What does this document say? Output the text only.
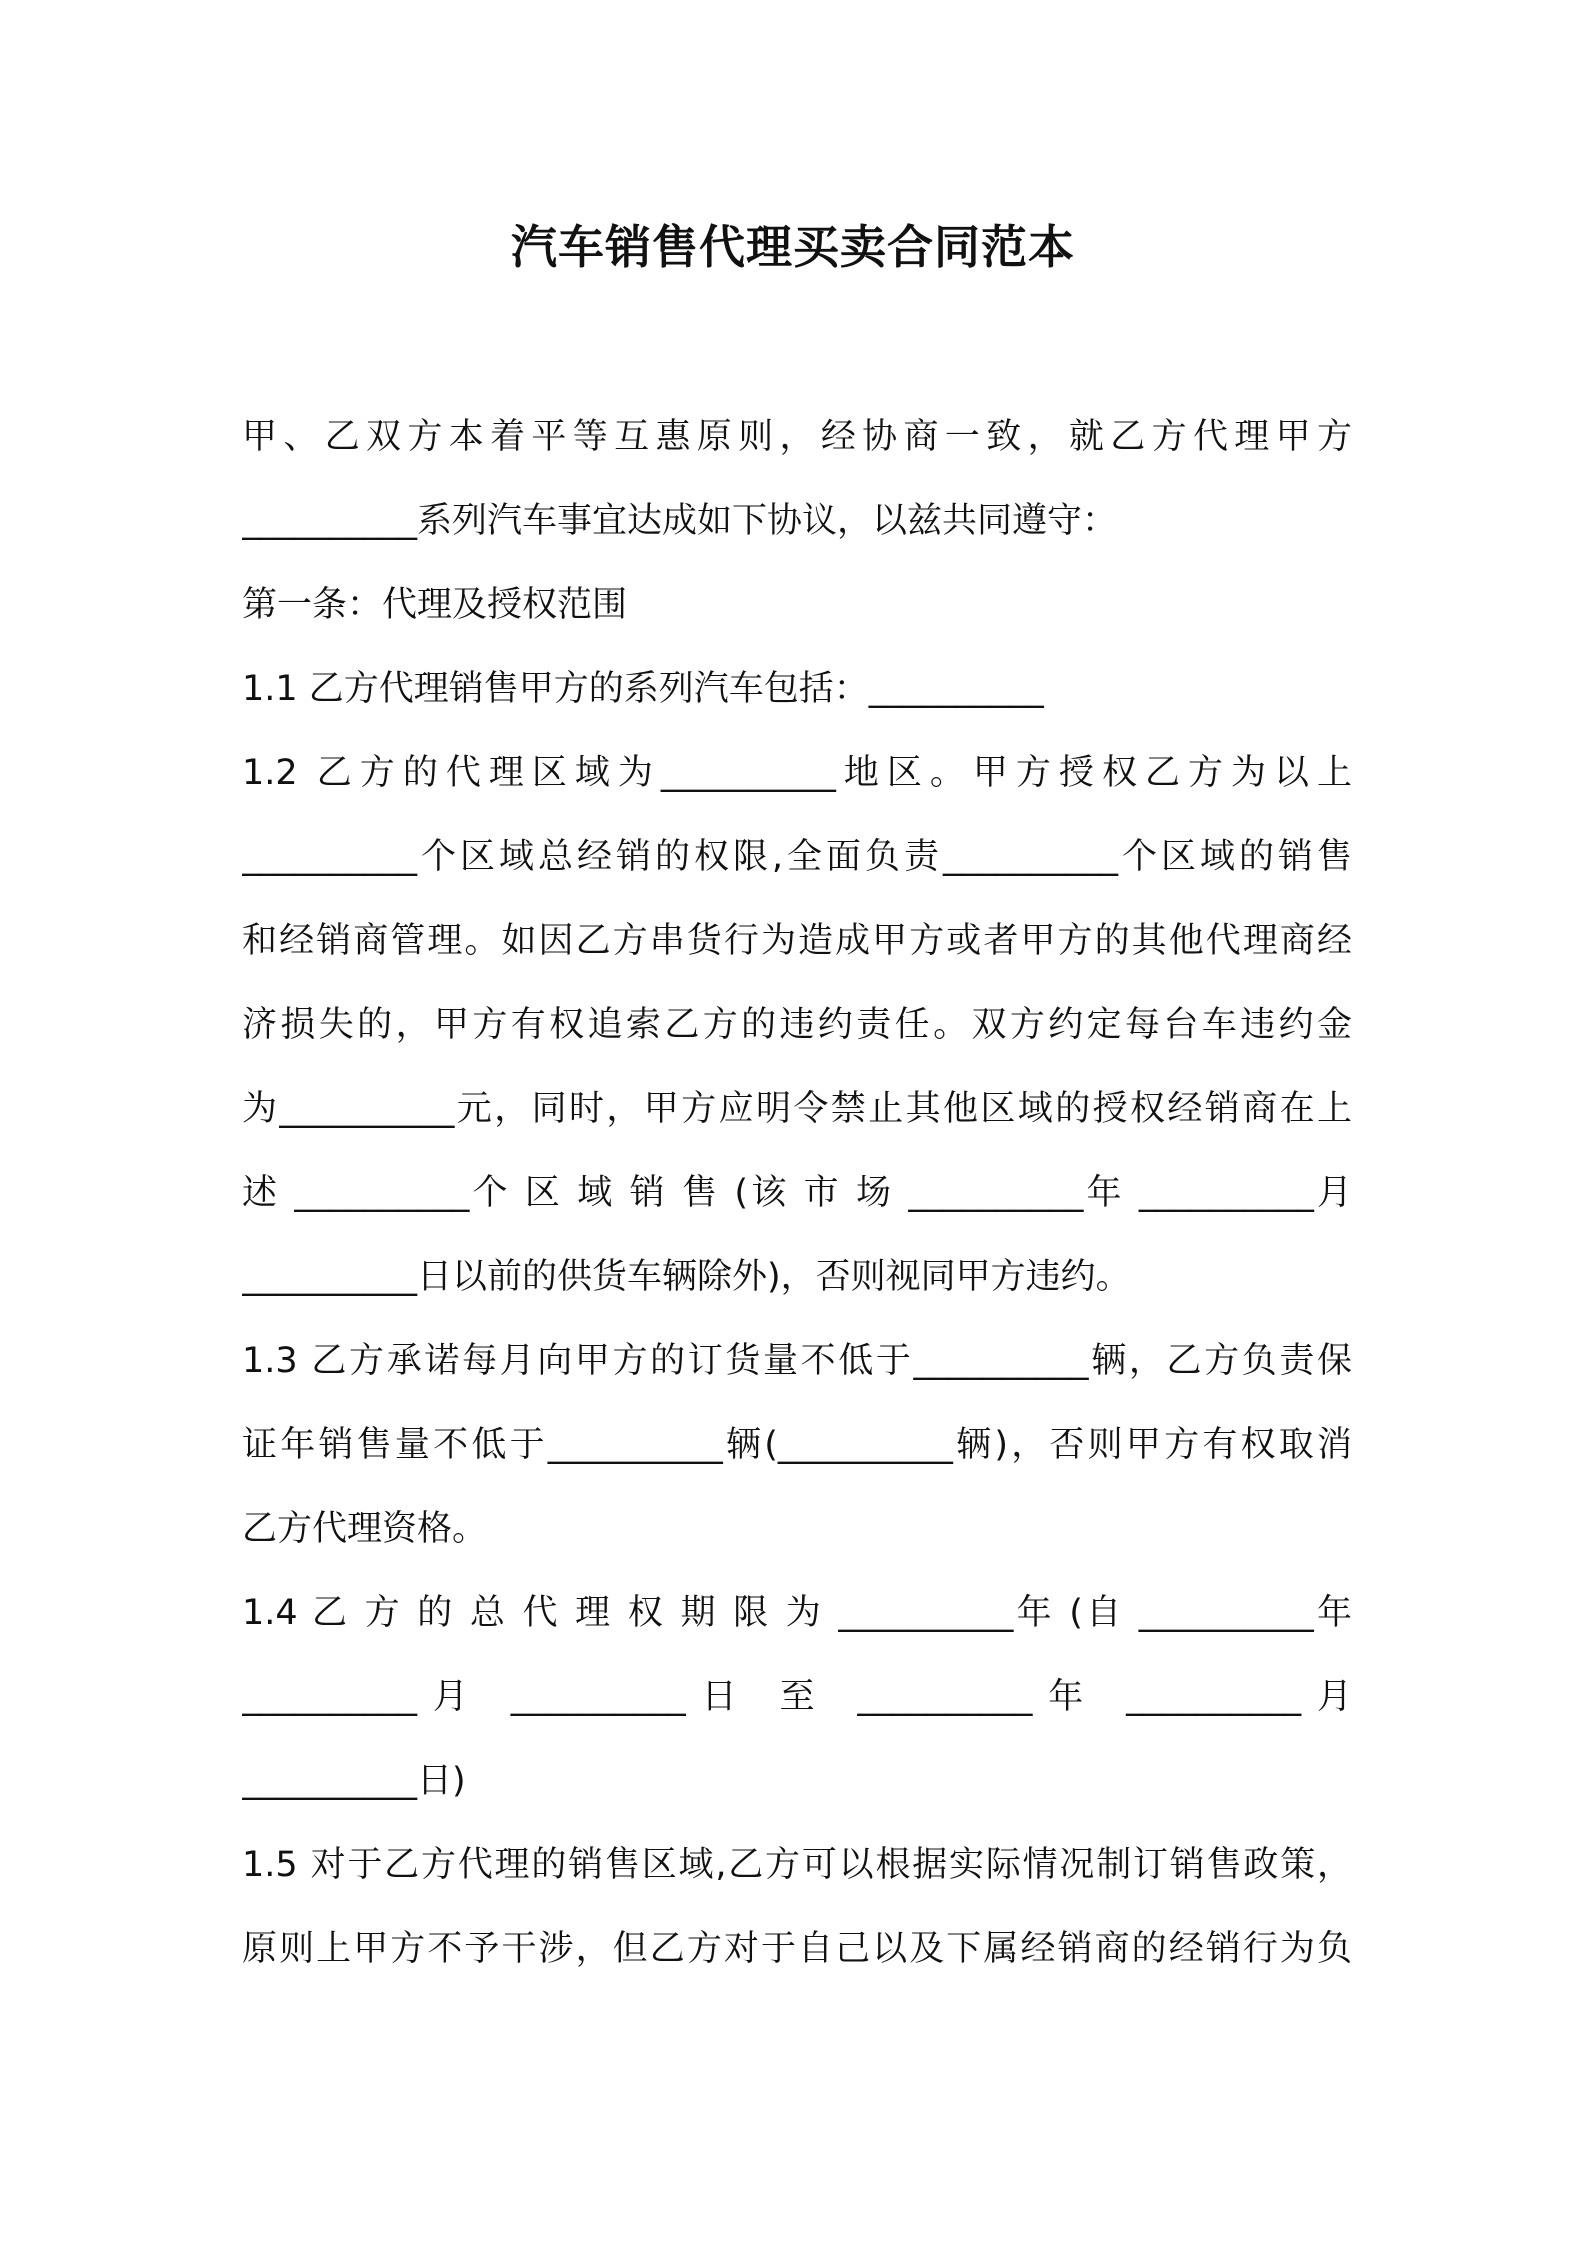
汽车销售代理买卖合同范本
甲、乙双方本着平等互惠原则，经协商一致，就乙方代理甲方
__________系列汽车事宜达成如下协议，以兹共同遵守：
第一条：代理及授权范围
1.1 乙方代理销售甲方的系列汽车包括：__________
1.2 乙方的代理区域为__________地区。甲方授权乙方为以上
__________个区域总经销的权限,全面负责__________个区域的销售
和经销商管理。如因乙方串货行为造成甲方或者甲方的其他代理商经
济损失的，甲方有权追索乙方的违约责任。双方约定每台车违约金
为__________元，同时，甲方应明令禁止其他区域的授权经销商在上
述 __________个 区 域 销 售 (该 市 场 __________年 __________月
__________日以前的供货车辆除外)，否则视同甲方违约。
1.3 乙方承诺每月向甲方的订货量不低于__________辆，乙方负责保
证年销售量不低于__________辆(__________辆)，否则甲方有权取消
乙方代理资格。
1.4 乙 方 的 总 代 理 权 期 限 为 __________年 (自 __________年
__________月 __________日 至 __________年 __________月
__________日)
1.5 对于乙方代理的销售区域,乙方可以根据实际情况制订销售政策，
原则上甲方不予干涉，但乙方对于自己以及下属经销商的经销行为负
